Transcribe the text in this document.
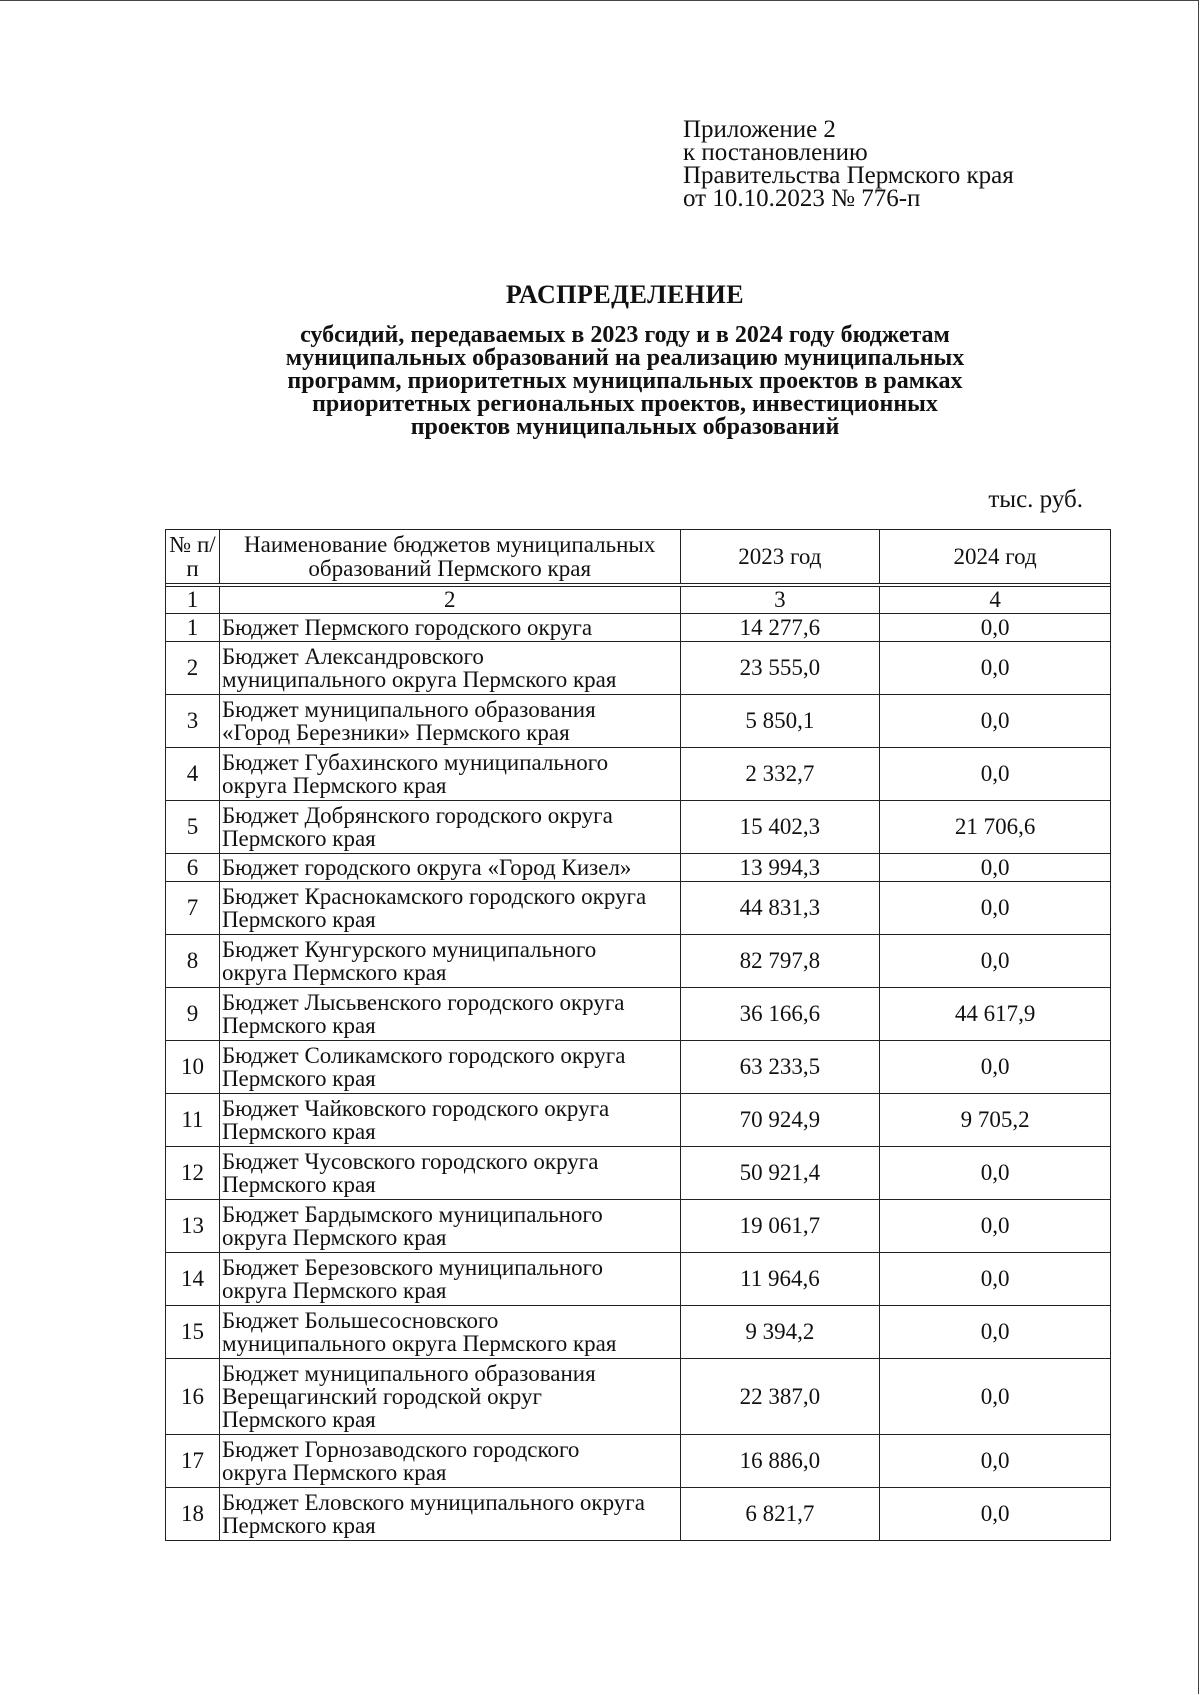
Приложение 2
к постановлению
Правительства Пермского края
от 10.10.2023 № 776-п
РАСПРЕДЕЛЕНИЕ
субсидий, передаваемых в 2023 году и в 2024 году бюджетам
муниципальных образований на реализацию муниципальных
программ, приоритетных муниципальных проектов в рамках
приоритетных региональных проектов, инвестиционных
проектов муниципальных образований
тыс. руб.
№ п/п	Наименование бюджетов муниципальных
образований Пермского края	2023 год	2024 год

1	2	3	4
1	Бюджет Пермского городского округа	14 277,6	0,0
2	Бюджет Александровского
муниципального округа Пермского края	23 555,0	0,0
3	Бюджет муниципального образования
«Город Березники» Пермского края	5 850,1	0,0
4	Бюджет Губахинского муниципального
округа Пермского края	2 332,7	0,0
5	Бюджет Добрянского городского округа
Пермского края	15 402,3	21 706,6
6	Бюджет городского округа «Город Кизел»	13 994,3	0,0
7	Бюджет Краснокамского городского округа
Пермского края	44 831,3	0,0
8	Бюджет Кунгурского муниципального
округа Пермского края	82 797,8	0,0
9	Бюджет Лысьвенского городского округа
Пермского края	36 166,6	44 617,9
10	Бюджет Соликамского городского округа
Пермского края	63 233,5	0,0
11	Бюджет Чайковского городского округа
Пермского края	70 924,9	9 705,2
12	Бюджет Чусовского городского округа
Пермского края	50 921,4	0,0
13	Бюджет Бардымского муниципального
округа Пермского края	19 061,7	0,0
14	Бюджет Березовского муниципального
округа Пермского края	11 964,6	0,0
15	Бюджет Большесосновского
муниципального округа Пермского края	9 394,2	0,0
16	Бюджет муниципального образования
Верещагинский городской округ
Пермского края	22 387,0	0,0
17	Бюджет Горнозаводского городского
округа Пермского края	16 886,0	0,0
18	Бюджет Еловского муниципального округа
Пермского края	6 821,7	0,0
